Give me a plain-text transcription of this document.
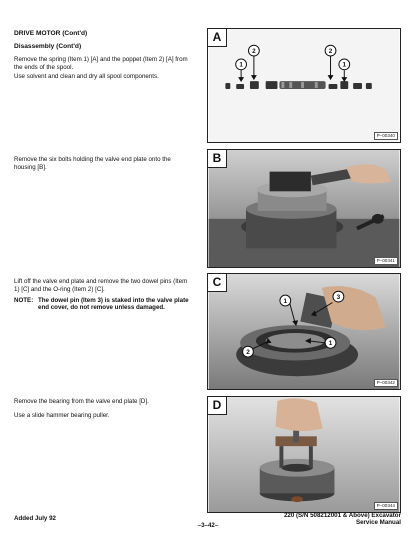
DRIVE MOTOR (Cont'd)
Disassembly (Cont'd)
Remove the spring (Item 1) [A] and the poppet (Item 2) [A] from the ends of the spool.
Use solvent and clean and dry all spool components.
Remove the six bolts holding the valve end plate onto the housing [B].
Lift off the valve end plate and remove the two dowel pins (Item 1) [C] and the O-ring (Item 2) [C].
NOTE: The dowel pin (Item 3) is staked into the valve plate end cover, do not remove unless damaged.
Remove the bearing from the valve end plate [D].
Use a slide hammer bearing puller.
2
1
2
1
A
P–00340
B
P–00341
1
3
2
1
C
P–00342
D
P–00344
Added July 92
–3–42–
220 (S/N 508212001 & Above) Excavator
Service Manual
